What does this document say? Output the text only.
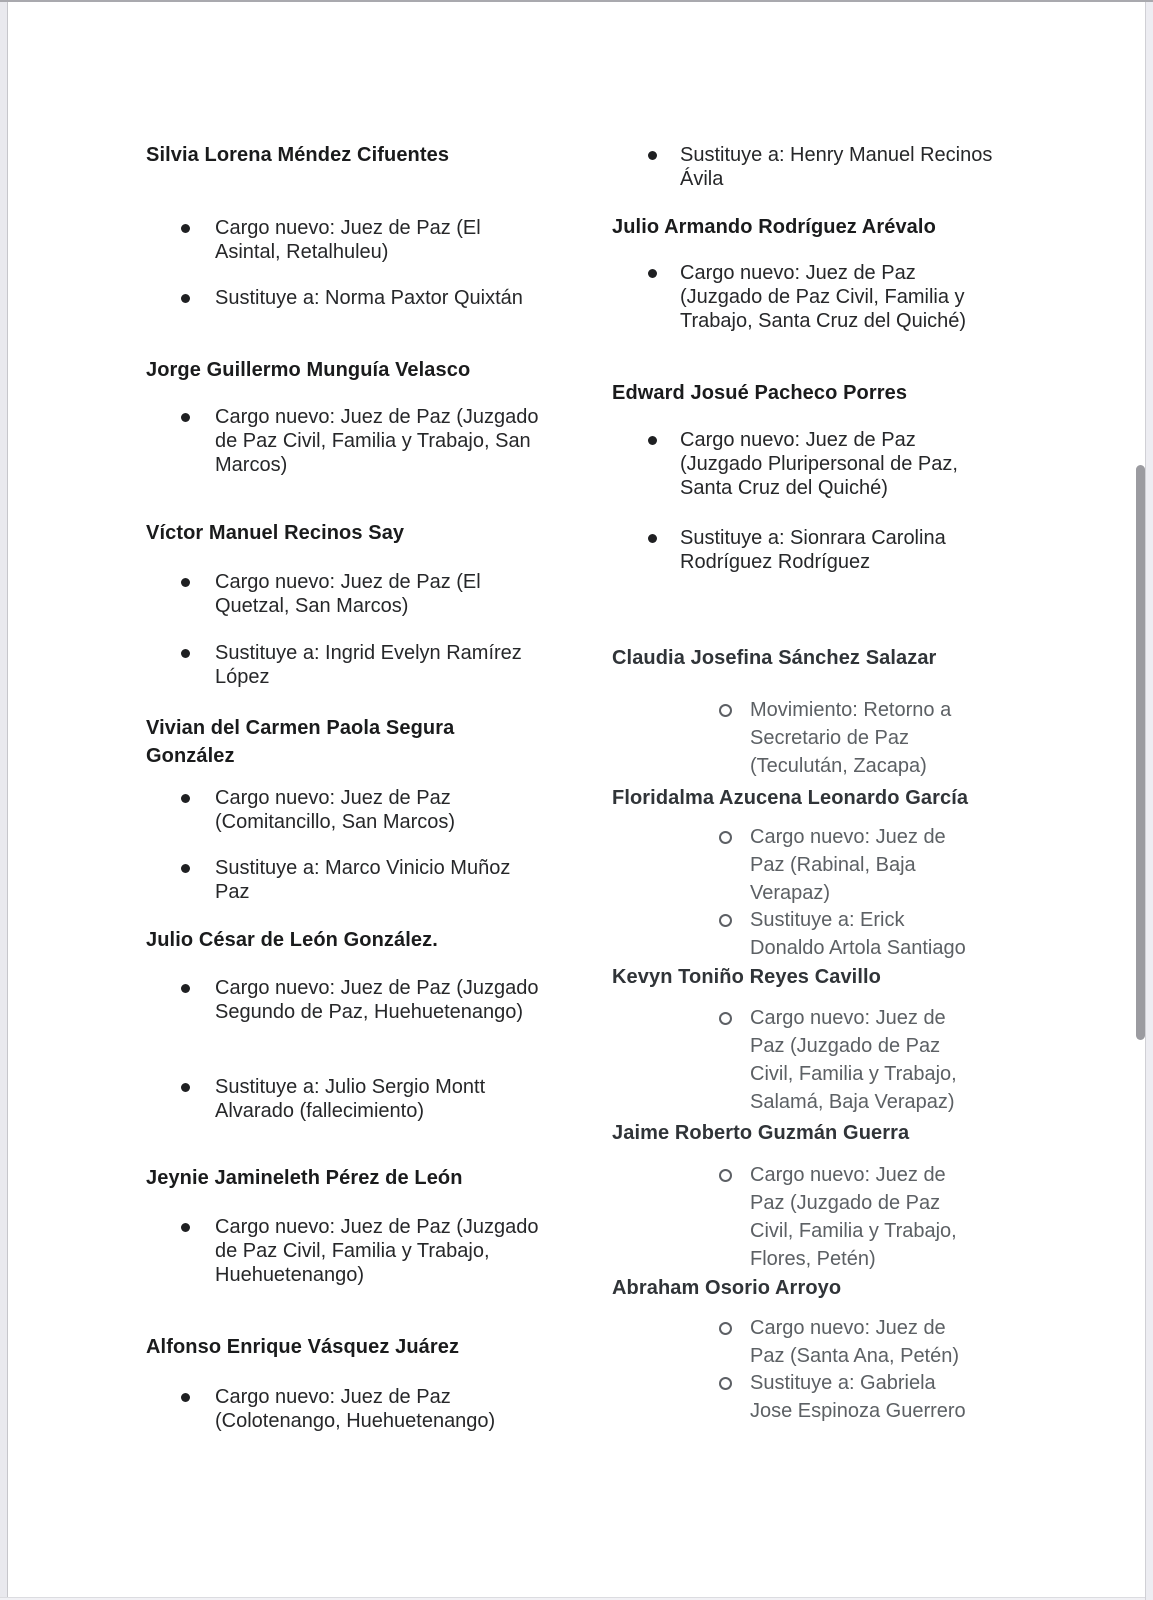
Silvia Lorena Méndez Cifuentes
Cargo nuevo: Juez de Paz (El Asintal, Retalhuleu)
Sustituye a: Norma Paxtor Quixtán
Jorge Guillermo Munguía Velasco
Cargo nuevo: Juez de Paz (Juzgado de Paz Civil, Familia y Trabajo, San Marcos)
Víctor Manuel Recinos Say
Cargo nuevo: Juez de Paz (El Quetzal, San Marcos)
Sustituye a: Ingrid Evelyn Ramírez López
Vivian del Carmen Paola Segura González
Cargo nuevo: Juez de Paz (Comitancillo, San Marcos)
Sustituye a: Marco Vinicio Muñoz Paz
Julio César de León González.
Cargo nuevo: Juez de Paz (Juzgado Segundo de Paz, Huehuetenango)
Sustituye a: Julio Sergio Montt Alvarado (fallecimiento)
Jeynie Jamineleth Pérez de León
Cargo nuevo: Juez de Paz (Juzgado de Paz Civil, Familia y Trabajo, Huehuetenango)
Alfonso Enrique Vásquez Juárez
Cargo nuevo: Juez de Paz (Colotenango, Huehuetenango)
Sustituye a: Henry Manuel Recinos Ávila
Julio Armando Rodríguez Arévalo
Cargo nuevo: Juez de Paz (Juzgado de Paz Civil, Familia y Trabajo, Santa Cruz del Quiché)
Edward Josué Pacheco Porres
Cargo nuevo: Juez de Paz (Juzgado Pluripersonal de Paz, Santa Cruz del Quiché)
Sustituye a: Sionrara Carolina Rodríguez Rodríguez
Claudia Josefina Sánchez Salazar
Movimiento: Retorno a Secretario de Paz (Teculután, Zacapa)
Floridalma Azucena Leonardo García
Cargo nuevo: Juez de Paz (Rabinal, Baja Verapaz)
Sustituye a: Erick Donaldo Artola Santiago
Kevyn Toniño Reyes Cavillo
Cargo nuevo: Juez de Paz (Juzgado de Paz Civil, Familia y Trabajo, Salamá, Baja Verapaz)
Jaime Roberto Guzmán Guerra
Cargo nuevo: Juez de Paz (Juzgado de Paz Civil, Familia y Trabajo, Flores, Petén)
Abraham Osorio Arroyo
Cargo nuevo: Juez de Paz (Santa Ana, Petén)
Sustituye a: Gabriela Jose Espinoza Guerrero
